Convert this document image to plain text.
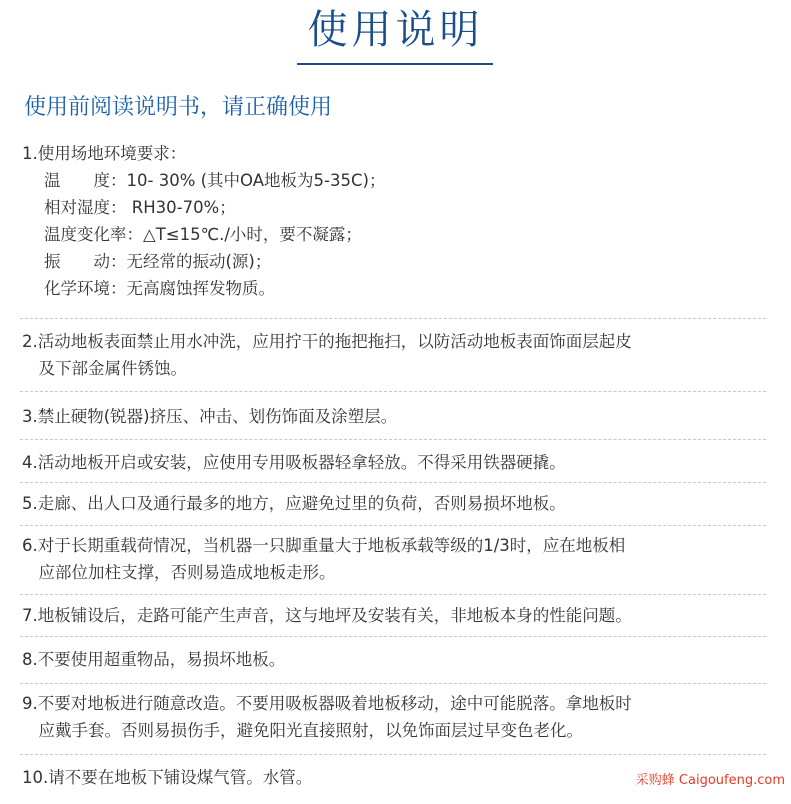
使用说明
使用前阅读说明书，请正确使用
1.使用场地环境要求：
温　　度：10- 30% (其中OA地板为5-35C)；
相对湿度： RH30-70%；
温度变化率：△T≤15℃./小时，要不凝露；
振　　动：无经常的振动(源)；
化学环境：无高腐蚀挥发物质。
2.活动地板表面禁止用水冲洗，应用拧干的拖把拖扫，以防活动地板表面饰面层起皮
　及下部金属件锈蚀。
3.禁止硬物(锐器)挤压、冲击、划伤饰面及涂塑层。
4.活动地板开启或安装，应使用专用吸板器轻拿轻放。不得采用铁器硬撬。
5.走廊、出人口及通行最多的地方，应避免过里的负荷，否则易损坏地板。
6.对于长期重载荷情况，当机器一只脚重量大于地板承载等级的1/3时，应在地板相
　应部位加柱支撑，否则易造成地板走形。
7.地板铺设后，走路可能产生声音，这与地坪及安装有关，非地板本身的性能问题。
8.不要使用超重物品，易损坏地板。
9.不要对地板进行随意改造。不要用吸板器吸着地板移动，途中可能脱落。拿地板时
　应戴手套。否则易损伤手，避免阳光直接照射，以免饰面层过早变色老化。
10.请不要在地板下铺设煤气管。水管。	采购蜂 Caigoufeng.com
